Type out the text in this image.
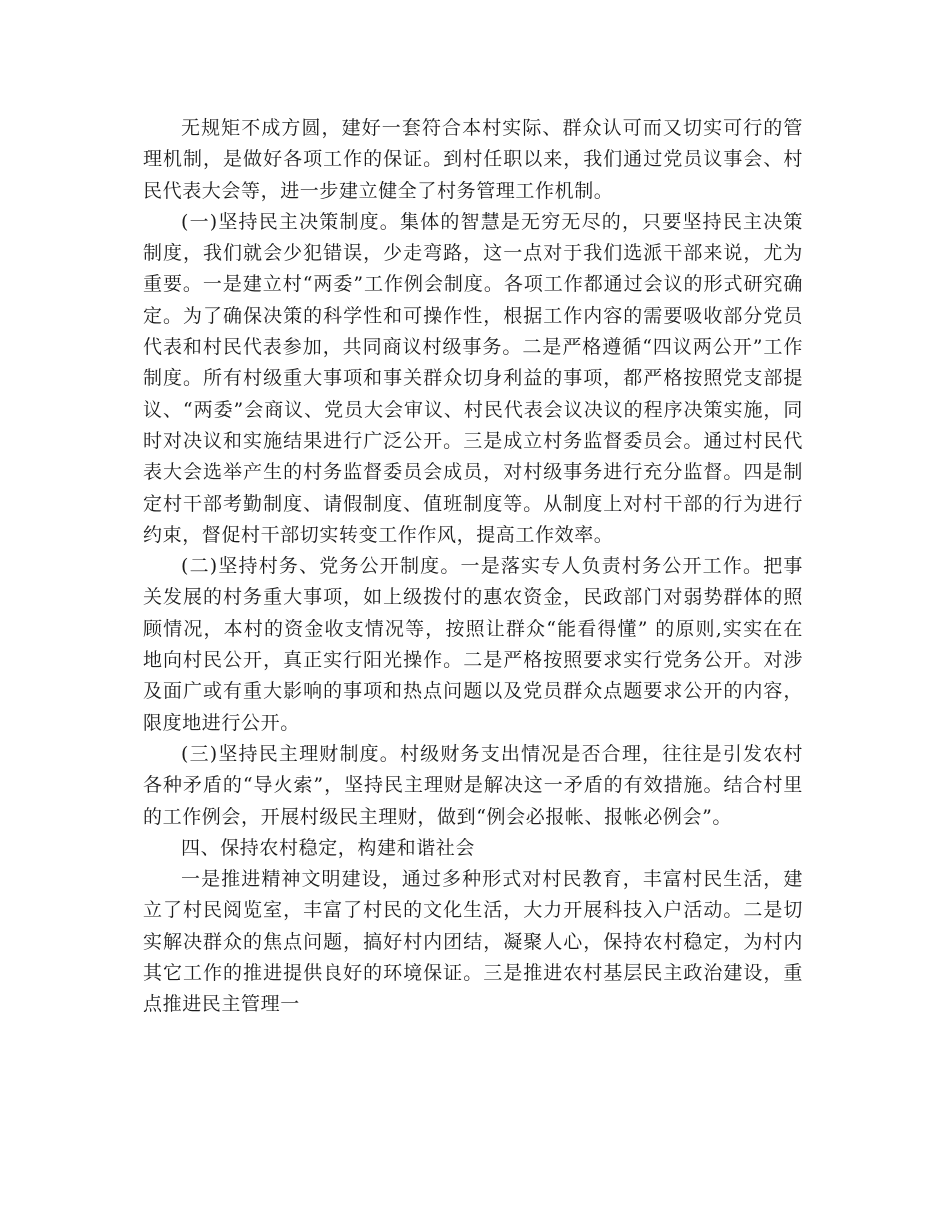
无规矩不成方圆，建好一套符合本村实际、群众认可而又切实可行的管理机制，是做好各项工作的保证。到村任职以来，我们通过党员议事会、村民代表大会等，进一步建立健全了村务管理工作机制。

(一)坚持民主决策制度。集体的智慧是无穷无尽的，只要坚持民主决策制度，我们就会少犯错误，少走弯路，这一点对于我们选派干部来说，尤为重要。一是建立村“两委”工作例会制度。各项工作都通过会议的形式研究确定。为了确保决策的科学性和可操作性，根据工作内容的需要吸收部分党员代表和村民代表参加，共同商议村级事务。二是严格遵循“四议两公开”工作制度。所有村级重大事项和事关群众切身利益的事项，都严格按照党支部提议、“两委”会商议、党员大会审议、村民代表会议决议的程序决策实施，同时对决议和实施结果进行广泛公开。三是成立村务监督委员会。通过村民代表大会选举产生的村务监督委员会成员，对村级事务进行充分监督。四是制定村干部考勤制度、请假制度、值班制度等。从制度上对村干部的行为进行约束，督促村干部切实转变工作作风，提高工作效率。

(二)坚持村务、党务公开制度。一是落实专人负责村务公开工作。把事关发展的村务重大事项，如上级拨付的惠农资金，民政部门对弱势群体的照顾情况，本村的资金收支情况等，按照让群众“能看得懂” 的原则,实实在在地向村民公开，真正实行阳光操作。二是严格按照要求实行党务公开。对涉及面广或有重大影响的事项和热点问题以及党员群众点题要求公开的内容，限度地进行公开。

(三)坚持民主理财制度。村级财务支出情况是否合理，往往是引发农村各种矛盾的“导火索”，坚持民主理财是解决这一矛盾的有效措施。结合村里的工作例会，开展村级民主理财，做到“例会必报帐、报帐必例会”。

四、保持农村稳定，构建和谐社会

一是推进精神文明建设，通过多种形式对村民教育，丰富村民生活，建立了村民阅览室，丰富了村民的文化生活，大力开展科技入户活动。二是切实解决群众的焦点问题，搞好村内团结，凝聚人心，保持农村稳定，为村内其它工作的推进提供良好的环境保证。三是推进农村基层民主政治建设，重点推进民主管理一
